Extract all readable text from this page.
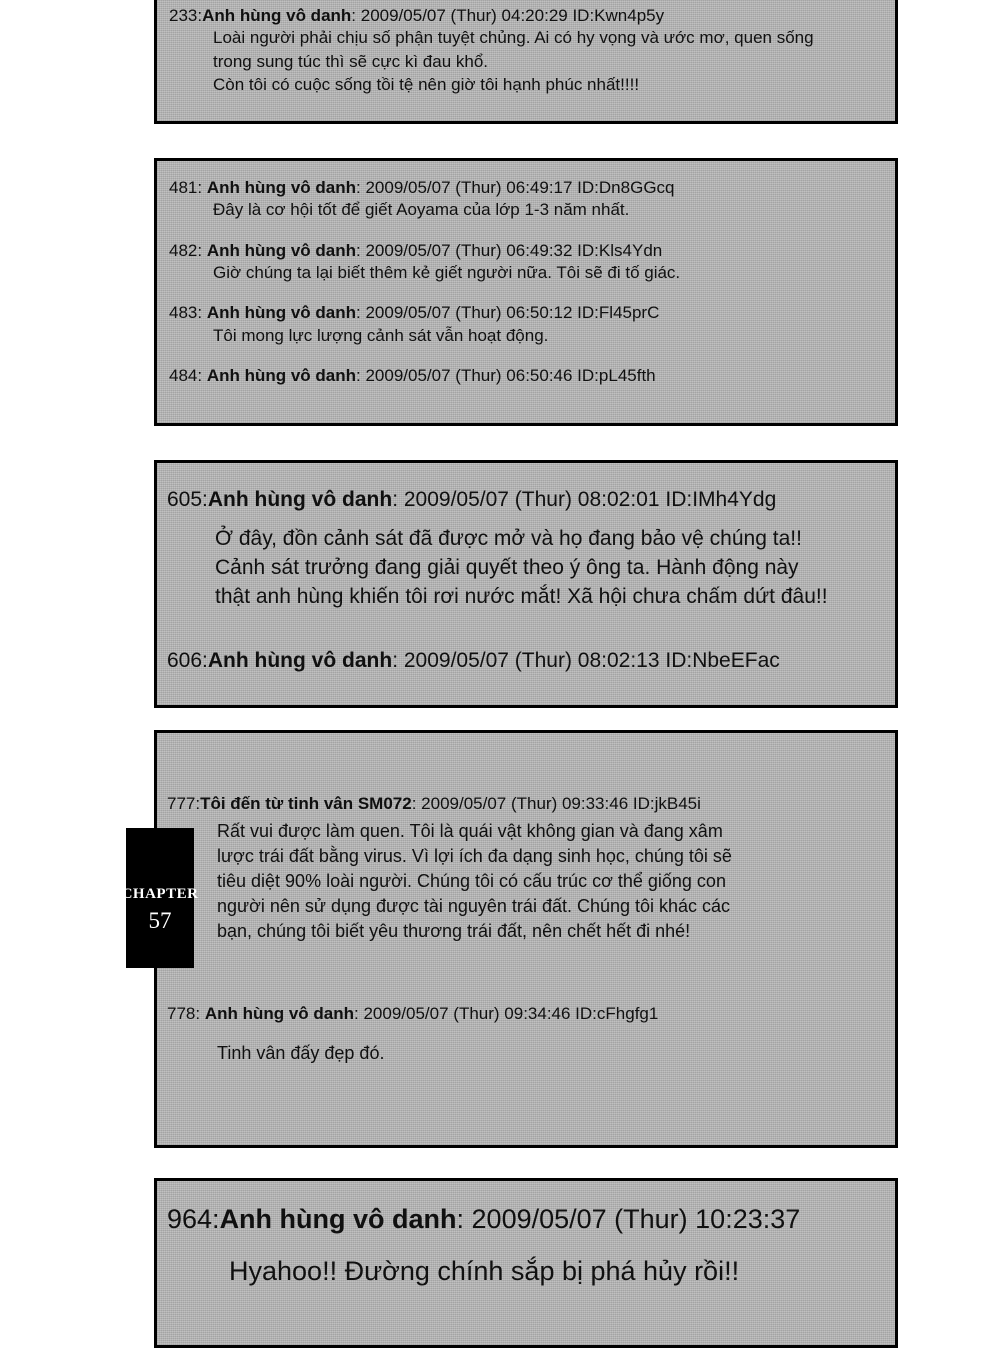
233:Anh hùng vô danh: 2009/05/07 (Thur) 04:20:29 ID:Kwn4p5y
Loài người phải chịu số phận tuyệt chủng. Ai có hy vọng và ước mơ, quen sống
trong sung túc thì sẽ cực kì đau khổ.
Còn tôi có cuộc sống tồi tệ nên giờ tôi hạnh phúc nhất!!!!
481: Anh hùng vô danh: 2009/05/07 (Thur) 06:49:17 ID:Dn8GGcq
Đây là cơ hội tốt để giết Aoyama của lớp 1-3 năm nhất.
482: Anh hùng vô danh: 2009/05/07 (Thur) 06:49:32 ID:Kls4Ydn
Giờ chúng ta lại biết thêm kẻ giết người nữa. Tôi sẽ đi tố giác.
483: Anh hùng vô danh: 2009/05/07 (Thur) 06:50:12 ID:Fl45prC
Tôi mong lực lượng cảnh sát vẫn hoạt động.
484: Anh hùng vô danh: 2009/05/07 (Thur) 06:50:46 ID:pL45fth
605:Anh hùng vô danh: 2009/05/07 (Thur) 08:02:01 ID:IMh4Ydg
Ở đây, đồn cảnh sát đã được mở và họ đang bảo vệ chúng ta!!
Cảnh sát trưởng đang giải quyết theo ý ông ta. Hành động này
thật anh hùng khiến tôi rơi nước mắt! Xã hội chưa chấm dứt đâu!!
606:Anh hùng vô danh: 2009/05/07 (Thur) 08:02:13 ID:NbeEFac
777:Tôi đến từ tinh vân SM072: 2009/05/07 (Thur) 09:33:46 ID:jkB45i
Rất vui được làm quen. Tôi là quái vật không gian và đang xâm
lược trái đất bằng virus. Vì lợi ích đa dạng sinh học, chúng tôi sẽ
tiêu diệt 90% loài người. Chúng tôi có cấu trúc cơ thể giống con
người nên sử dụng được tài nguyên trái đất. Chúng tôi khác các
bạn, chúng tôi biết yêu thương trái đất, nên chết hết đi nhé!
778: Anh hùng vô danh: 2009/05/07 (Thur) 09:34:46 ID:cFhgfg1
Tinh vân đấy đẹp đó.
964:Anh hùng vô danh: 2009/05/07 (Thur) 10:23:37
Hyahoo!! Đường chính sắp bị phá hủy rồi!!
CHAPTER
57
